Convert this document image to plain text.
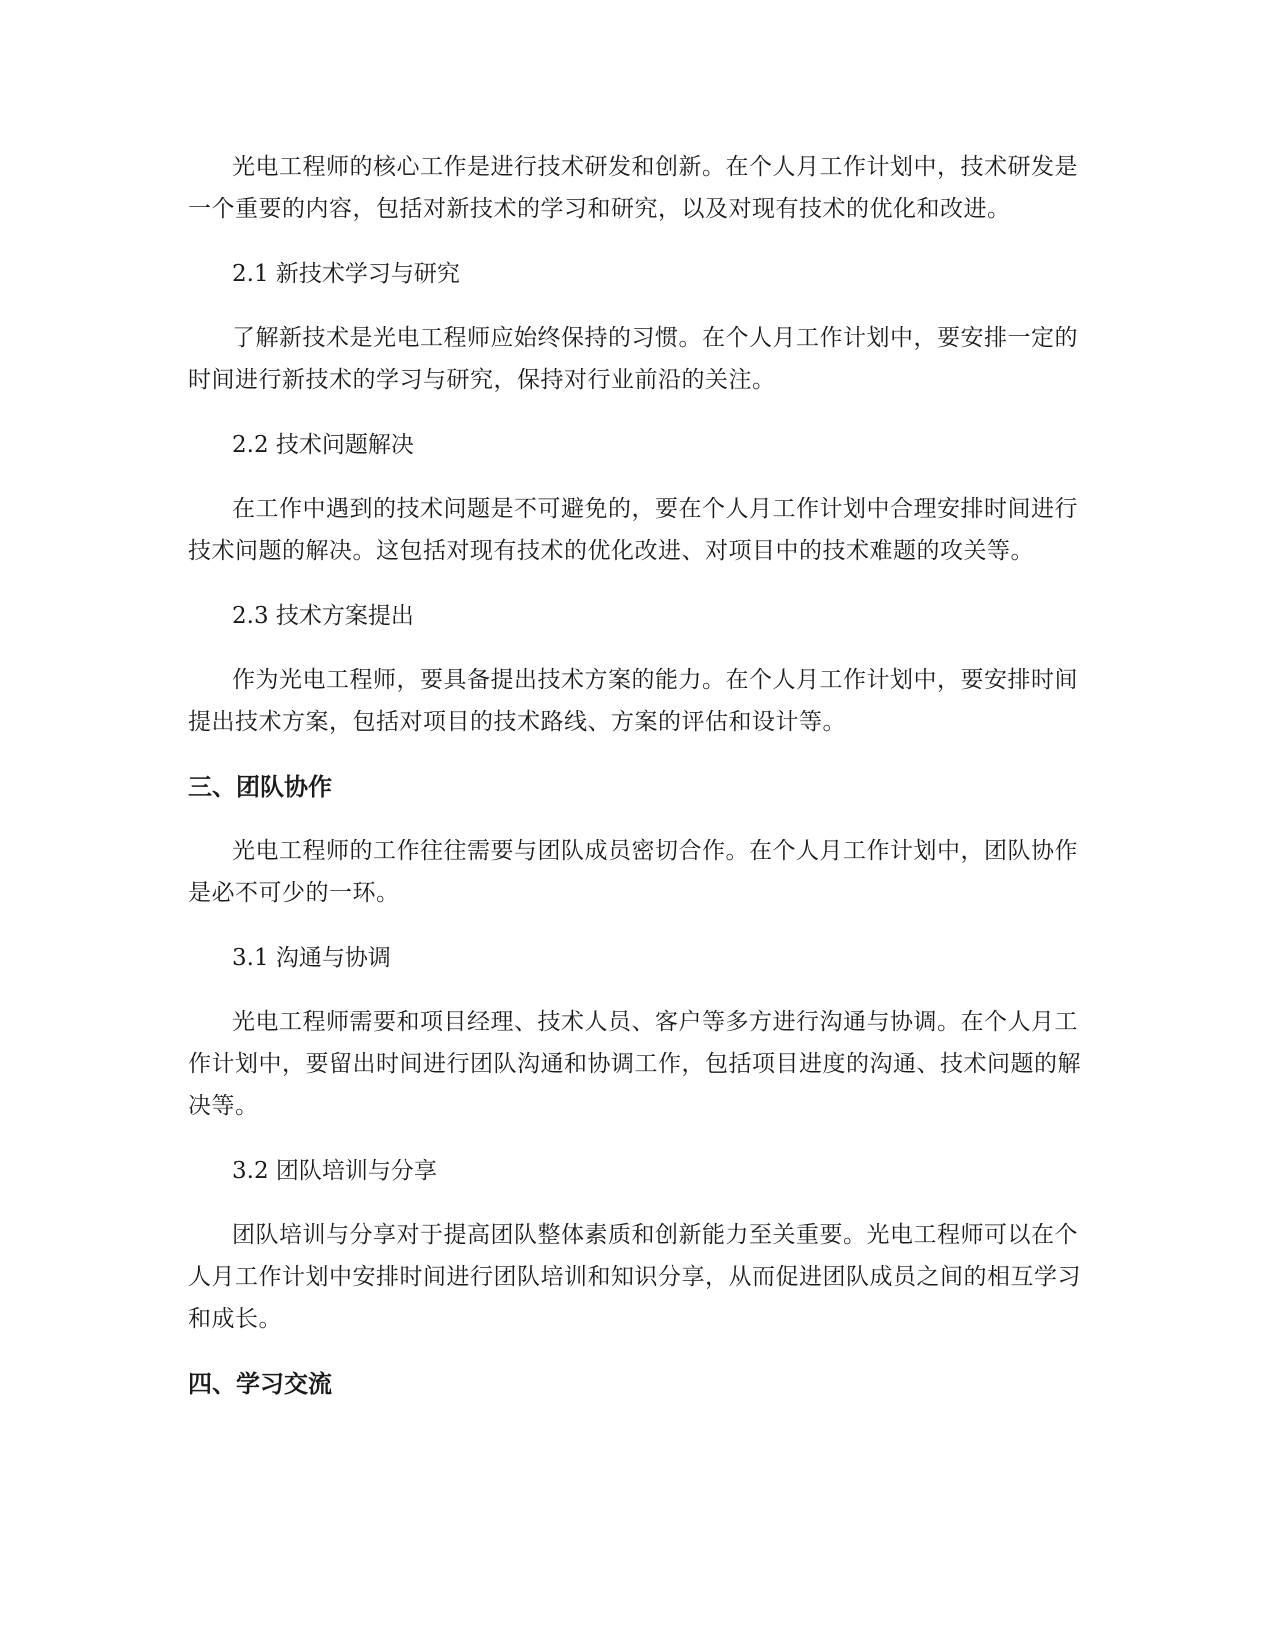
光电工程师的核心工作是进行技术研发和创新。在个人月工作计划中，技术研发是一个重要的内容，包括对新技术的学习和研究，以及对现有技术的优化和改进。

2.1 新技术学习与研究

了解新技术是光电工程师应始终保持的习惯。在个人月工作计划中，要安排一定的时间进行新技术的学习与研究，保持对行业前沿的关注。

2.2 技术问题解决

在工作中遇到的技术问题是不可避免的，要在个人月工作计划中合理安排时间进行技术问题的解决。这包括对现有技术的优化改进、对项目中的技术难题的攻关等。

2.3 技术方案提出

作为光电工程师，要具备提出技术方案的能力。在个人月工作计划中，要安排时间提出技术方案，包括对项目的技术路线、方案的评估和设计等。

三、团队协作

光电工程师的工作往往需要与团队成员密切合作。在个人月工作计划中，团队协作是必不可少的一环。

3.1 沟通与协调

光电工程师需要和项目经理、技术人员、客户等多方进行沟通与协调。在个人月工作计划中，要留出时间进行团队沟通和协调工作，包括项目进度的沟通、技术问题的解决等。

3.2 团队培训与分享

团队培训与分享对于提高团队整体素质和创新能力至关重要。光电工程师可以在个人月工作计划中安排时间进行团队培训和知识分享，从而促进团队成员之间的相互学习和成长。

四、学习交流
